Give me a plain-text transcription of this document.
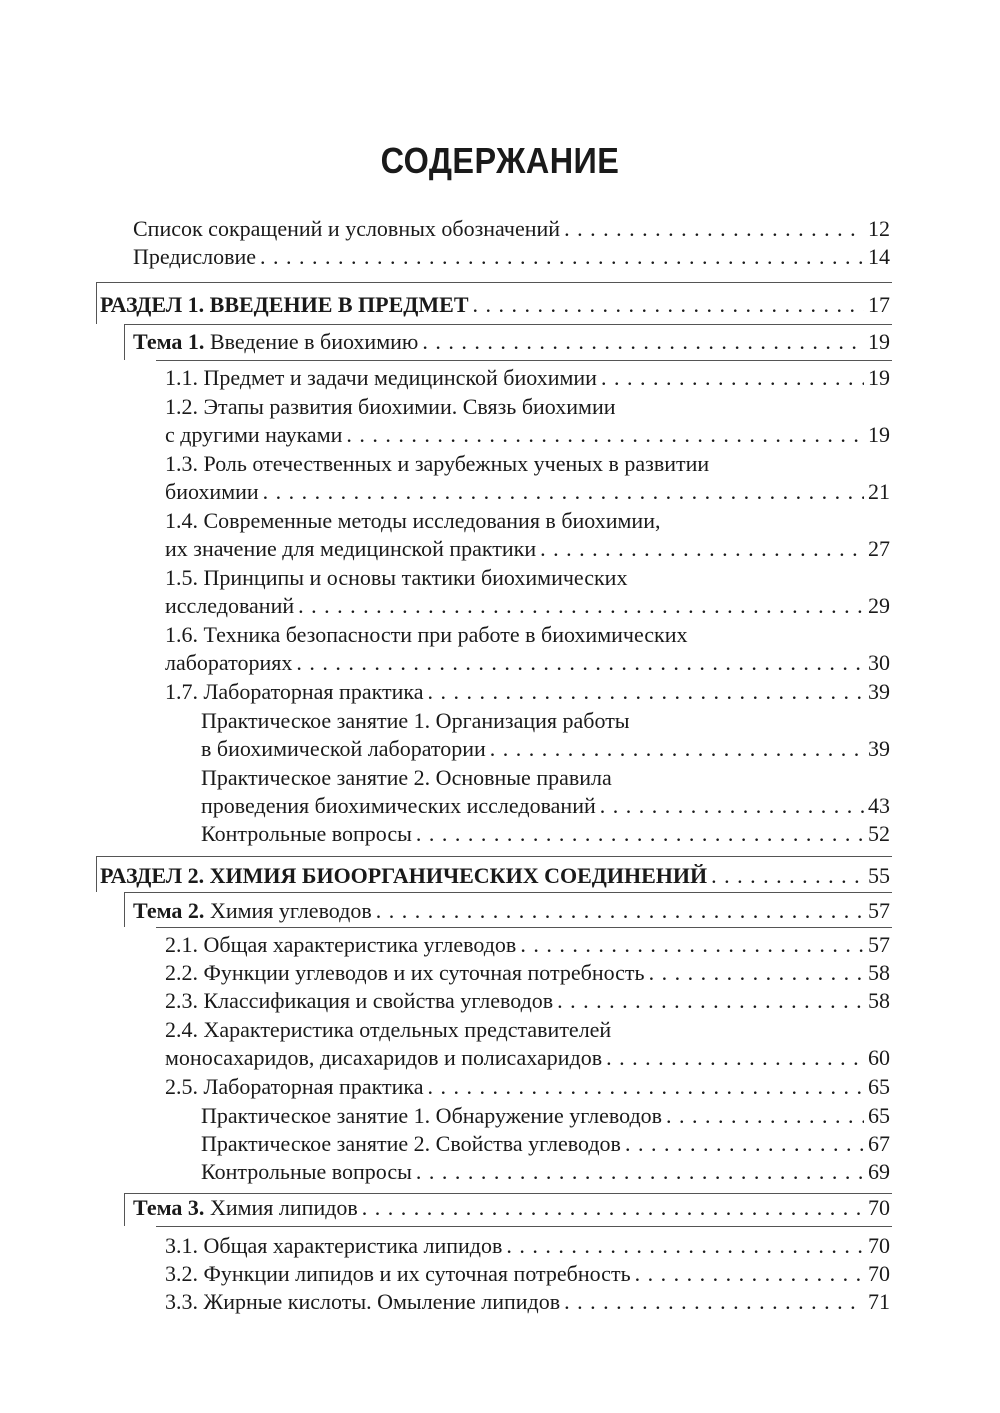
СОДЕРЖАНИЕ
Список сокращений и условных обозначений . . .	12
Предисловие . . .	14
РАЗДЕЛ 1. ВВЕДЕНИЕ В ПРЕДМЕТ . . .	17
Тема 1. Введение в биохимию . . .	19
1.1. Предмет и задачи медицинской биохимии . . .	19
1.2. Этапы развития биохимии. Связь биохимии
с другими науками . . .	19
1.3. Роль отечественных и зарубежных ученых в развитии
биохимии . . .	21
1.4. Современные методы исследования в биохимии,
их значение для медицинской практики . . .	27
1.5. Принципы и основы тактики биохимических
исследований . . .	29
1.6. Техника безопасности при работе в биохимических
лабораториях . . .	30
1.7. Лабораторная практика . . .	39
Практическое занятие 1. Организация работы
в биохимической лаборатории . . .	39
Практическое занятие 2. Основные правила
проведения биохимических исследований . . .	43
Контрольные вопросы . . .	52
РАЗДЕЛ 2. ХИМИЯ БИООРГАНИЧЕСКИХ СОЕДИНЕНИЙ . . .	55
Тема 2. Химия углеводов . . .	57
2.1. Общая характеристика углеводов . . .	57
2.2. Функции углеводов и их суточная потребность . . .	58
2.3. Классификация и свойства углеводов . . .	58
2.4. Характеристика отдельных представителей
моносахаридов, дисахаридов и полисахаридов . . .	60
2.5. Лабораторная практика . . .	65
Практическое занятие 1. Обнаружение углеводов . . .	65
Практическое занятие 2. Свойства углеводов . . .	67
Контрольные вопросы . . .	69
Тема 3. Химия липидов . . .	70
3.1. Общая характеристика липидов . . .	70
3.2. Функции липидов и их суточная потребность . . .	70
3.3. Жирные кислоты. Омыление липидов . . .	71
